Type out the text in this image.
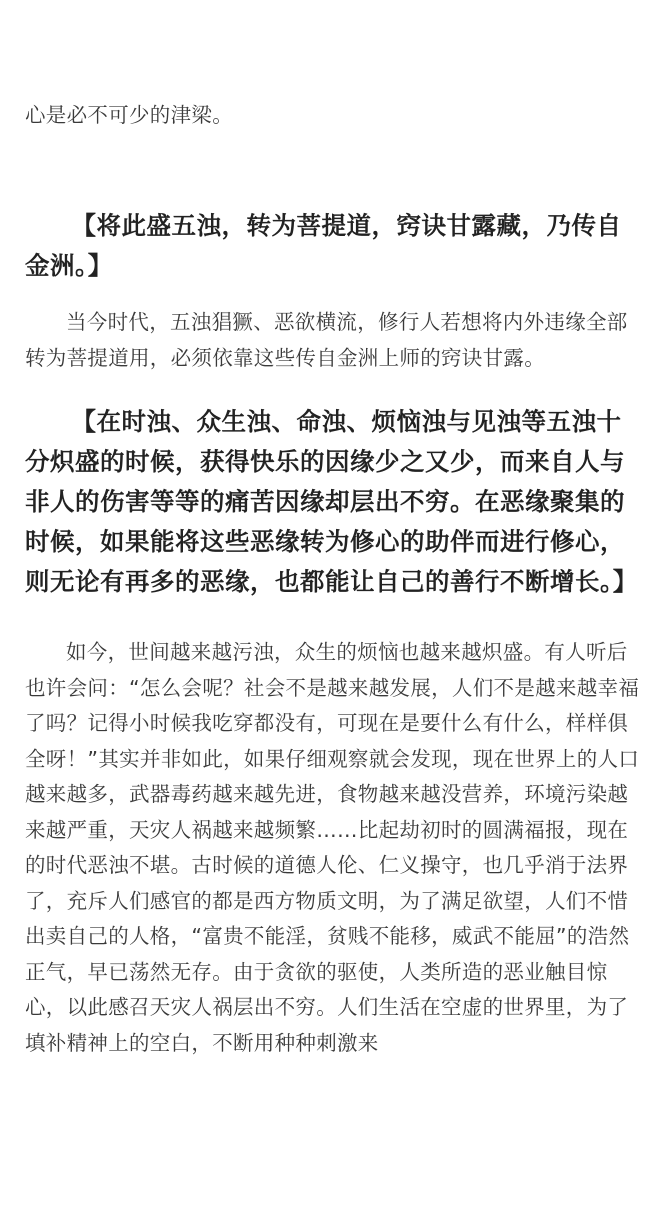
心是必不可少的津梁。

【将此盛五浊，转为菩提道，窍诀甘露藏，乃传自金洲。】

当今时代，五浊猖獗、恶欲横流，修行人若想将内外违缘全部转为菩提道用，必须依靠这些传自金洲上师的窍诀甘露。

【在时浊、众生浊、命浊、烦恼浊与见浊等五浊十分炽盛的时候，获得快乐的因缘少之又少，而来自人与非人的伤害等等的痛苦因缘却层出不穷。在恶缘聚集的时候，如果能将这些恶缘转为修心的助伴而进行修心，则无论有再多的恶缘，也都能让自己的善行不断增长。】

如今，世间越来越污浊，众生的烦恼也越来越炽盛。有人听后也许会问：“怎么会呢？社会不是越来越发展，人们不是越来越幸福了吗？记得小时候我吃穿都没有，可现在是要什么有什么，样样俱全呀！”其实并非如此，如果仔细观察就会发现，现在世界上的人口越来越多，武器毒药越来越先进，食物越来越没营养，环境污染越来越严重，天灾人祸越来越频繁……比起劫初时的圆满福报，现在的时代恶浊不堪。古时候的道德人伦、仁义操守，也几乎消于法界了，充斥人们感官的都是西方物质文明，为了满足欲望，人们不惜出卖自己的人格，“富贵不能淫，贫贱不能移，威武不能屈”的浩然正气，早已荡然无存。由于贪欲的驱使，人类所造的恶业触目惊心，以此感召天灾人祸层出不穷。人们生活在空虚的世界里，为了填补精神上的空白，不断用种种刺激来
